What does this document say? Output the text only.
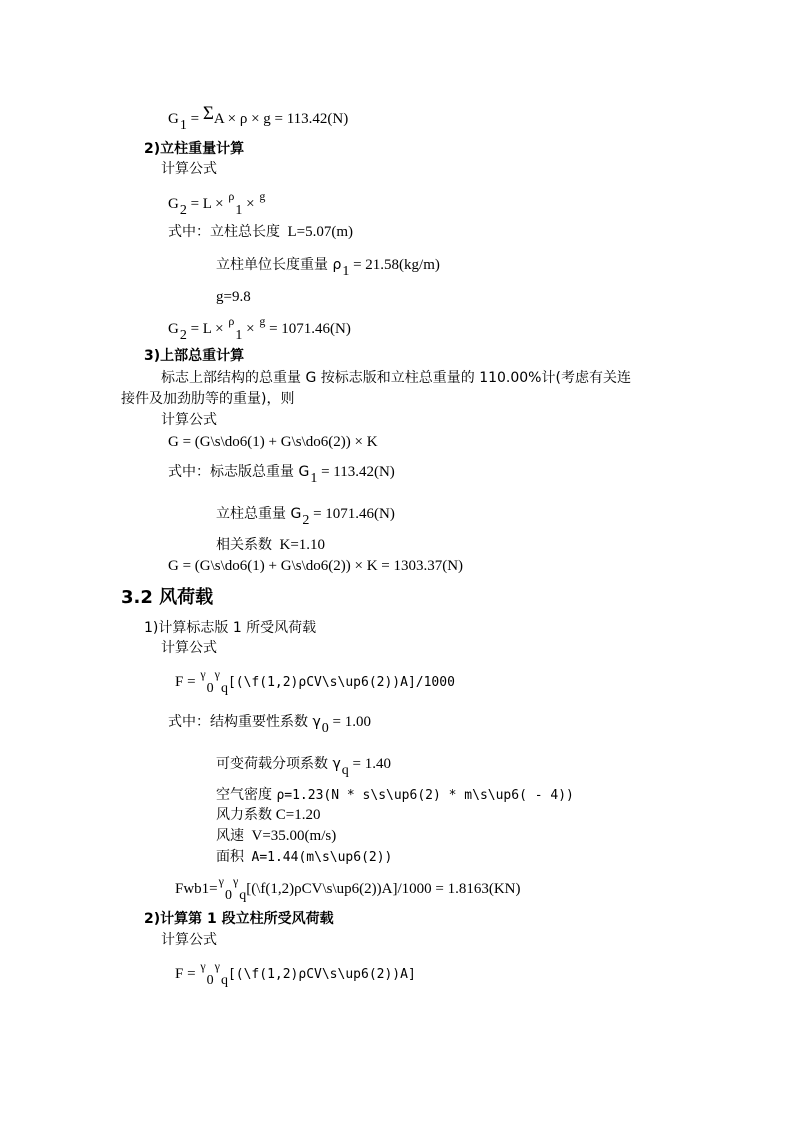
$G_1 = \Sigma A \times \rho \times g = 113.42(N)$
2)立柱重量计算
计算公式
$G_2 = L \times ^\rho_1 \times ^g$
式中：立柱总长度 L=5.07(m)
立柱单位长度重量 $\rho_1 = 21.58(kg/m)$
g=9.8
$G_2 = L \times ^\rho_1 \times ^g = 1071.46(N)$
3)上部总重计算
标志上部结构的总重量 G 按标志版和立柱总重量的 110.00%计(考虑有关连
接件及加劲肋等的重量)，则
计算公式
G = (G\s\do6(1) + G\s\do6(2)) × K
式中：标志版总重量 $G_1 = 113.42(N)$
立柱总重量 $G_2 = 1071.46(N)$
相关系数 K=1.10
G = (G\s\do6(1) + G\s\do6(2)) × K = 1303.37(N)
3.2 风荷载
1)计算标志版 1 所受风荷载
计算公式
F = $^\gamma_0^\gamma_q$[(\f(1,2)ρCV\s\up6(2))A]/1000
式中：结构重要性系数 $\gamma_0 = 1.00$
可变荷载分项系数 $\gamma_q = 1.40$
空气密度 ρ=1.23(N * s\s\up6(2) * m\s\up6( - 4))
风力系数 C=1.20
风速 V=35.00(m/s)
面积 A=1.44(m\s\up6(2))
Fwb1=$^\gamma_0^\gamma_q$[(\f(1,2)ρCV\s\up6(2))A]/1000 = 1.8163(KN)
2)计算第 1 段立柱所受风荷载
计算公式
F = $^\gamma_0^\gamma_q$[(\f(1,2)ρCV\s\up6(2))A]
